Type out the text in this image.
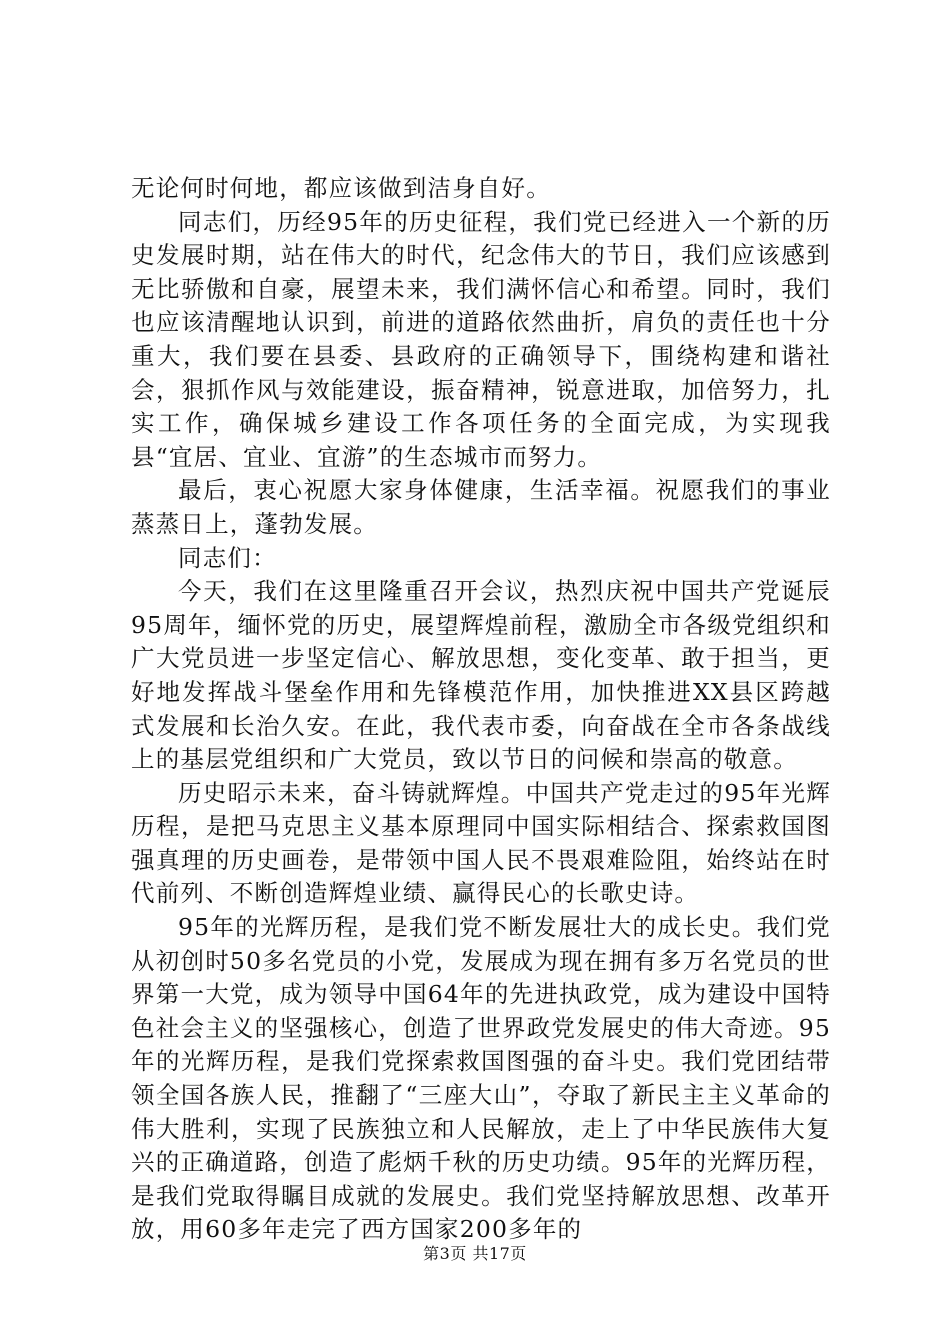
无论何时何地，都应该做到洁身自好。

同志们，历经95年的历史征程，我们党已经进入一个新的历史发展时期，站在伟大的时代，纪念伟大的节日，我们应该感到无比骄傲和自豪，展望未来，我们满怀信心和希望。同时，我们也应该清醒地认识到，前进的道路依然曲折，肩负的责任也十分重大，我们要在县委、县政府的正确领导下，围绕构建和谐社会，狠抓作风与效能建设，振奋精神，锐意进取，加倍努力，扎实工作，确保城乡建设工作各项任务的全面完成，为实现我县“宜居、宜业、宜游”的生态城市而努力。

最后，衷心祝愿大家身体健康，生活幸福。祝愿我们的事业蒸蒸日上，蓬勃发展。

同志们：

今天，我们在这里隆重召开会议，热烈庆祝中国共产党诞辰95周年，缅怀党的历史，展望辉煌前程，激励全市各级党组织和广大党员进一步坚定信心、解放思想，变化变革、敢于担当，更好地发挥战斗堡垒作用和先锋模范作用，加快推进XX县区跨越式发展和长治久安。在此，我代表市委，向奋战在全市各条战线上的基层党组织和广大党员，致以节日的问候和崇高的敬意。

历史昭示未来，奋斗铸就辉煌。中国共产党走过的95年光辉历程，是把马克思主义基本原理同中国实际相结合、探索救国图强真理的历史画卷，是带领中国人民不畏艰难险阻，始终站在时代前列、不断创造辉煌业绩、赢得民心的长歌史诗。

95年的光辉历程，是我们党不断发展壮大的成长史。我们党从初创时50多名党员的小党，发展成为现在拥有多万名党员的世界第一大党，成为领导中国64年的先进执政党，成为建设中国特色社会主义的坚强核心，创造了世界政党发展史的伟大奇迹。95年的光辉历程，是我们党探索救国图强的奋斗史。我们党团结带领全国各族人民，推翻了“三座大山”，夺取了新民主主义革命的伟大胜利，实现了民族独立和人民解放，走上了中华民族伟大复兴的正确道路，创造了彪炳千秋的历史功绩。95年的光辉历程，是我们党取得瞩目成就的发展史。我们党坚持解放思想、改革开放，用60多年走完了西方国家200多年的

第3页 共17页
